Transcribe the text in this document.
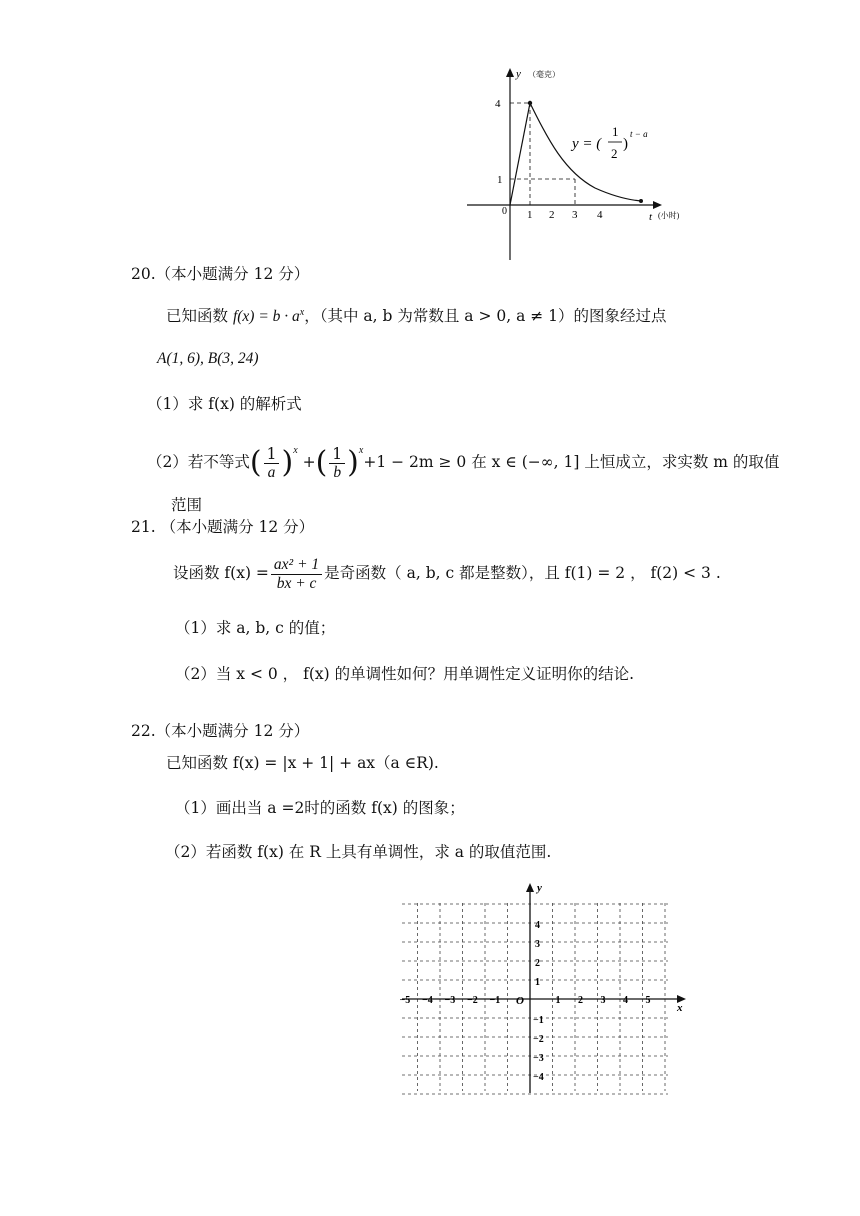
y （毫克）
4
1
0 1 2 3 4	t (小时)
y = (
1
2
)
t − a
20.（本小题满分 12 分）
已知函数 $f(x) = b \cdot a^x$，（其中 a, b 为常数且 a > 0, a ≠ 1）的图象经过点
A(1, 6), B(3, 24)
（1）求 f(x) 的解析式
（2）若不等式( $\frac{1}{a} )^x$ +( $\frac{1}{b} )^x+1 - 2m \ge 0$ 在 x ∈ (−∞, 1] 上恒成立，求实数 m 的取值
范围
21. （本小题满分 12 分）
设函数 $f(x) = \frac{\text{ax² + 1}}{bx + c}$ 是奇函数（ a, b, c 都是整数），且 f(1) = 2 ， f(2) < 3 .
（1）求 a, b, c 的值；
（2）当 x < 0 ， f(x) 的单调性如何？用单调性定义证明你的结论.
22.（本小题满分 12 分）
已知函数 f(x) = |x + 1| + ax（a ∈R).
（1）画出当 a =2时的函数 f(x) 的图象；
（2）若函数 f(x) 在 R 上具有单调性，求 a 的取值范围.
x
y
O
−5 −4 −3 −2 −1	1 2 3 4 5
4
3
2
1
−1
−2
−3
−4
